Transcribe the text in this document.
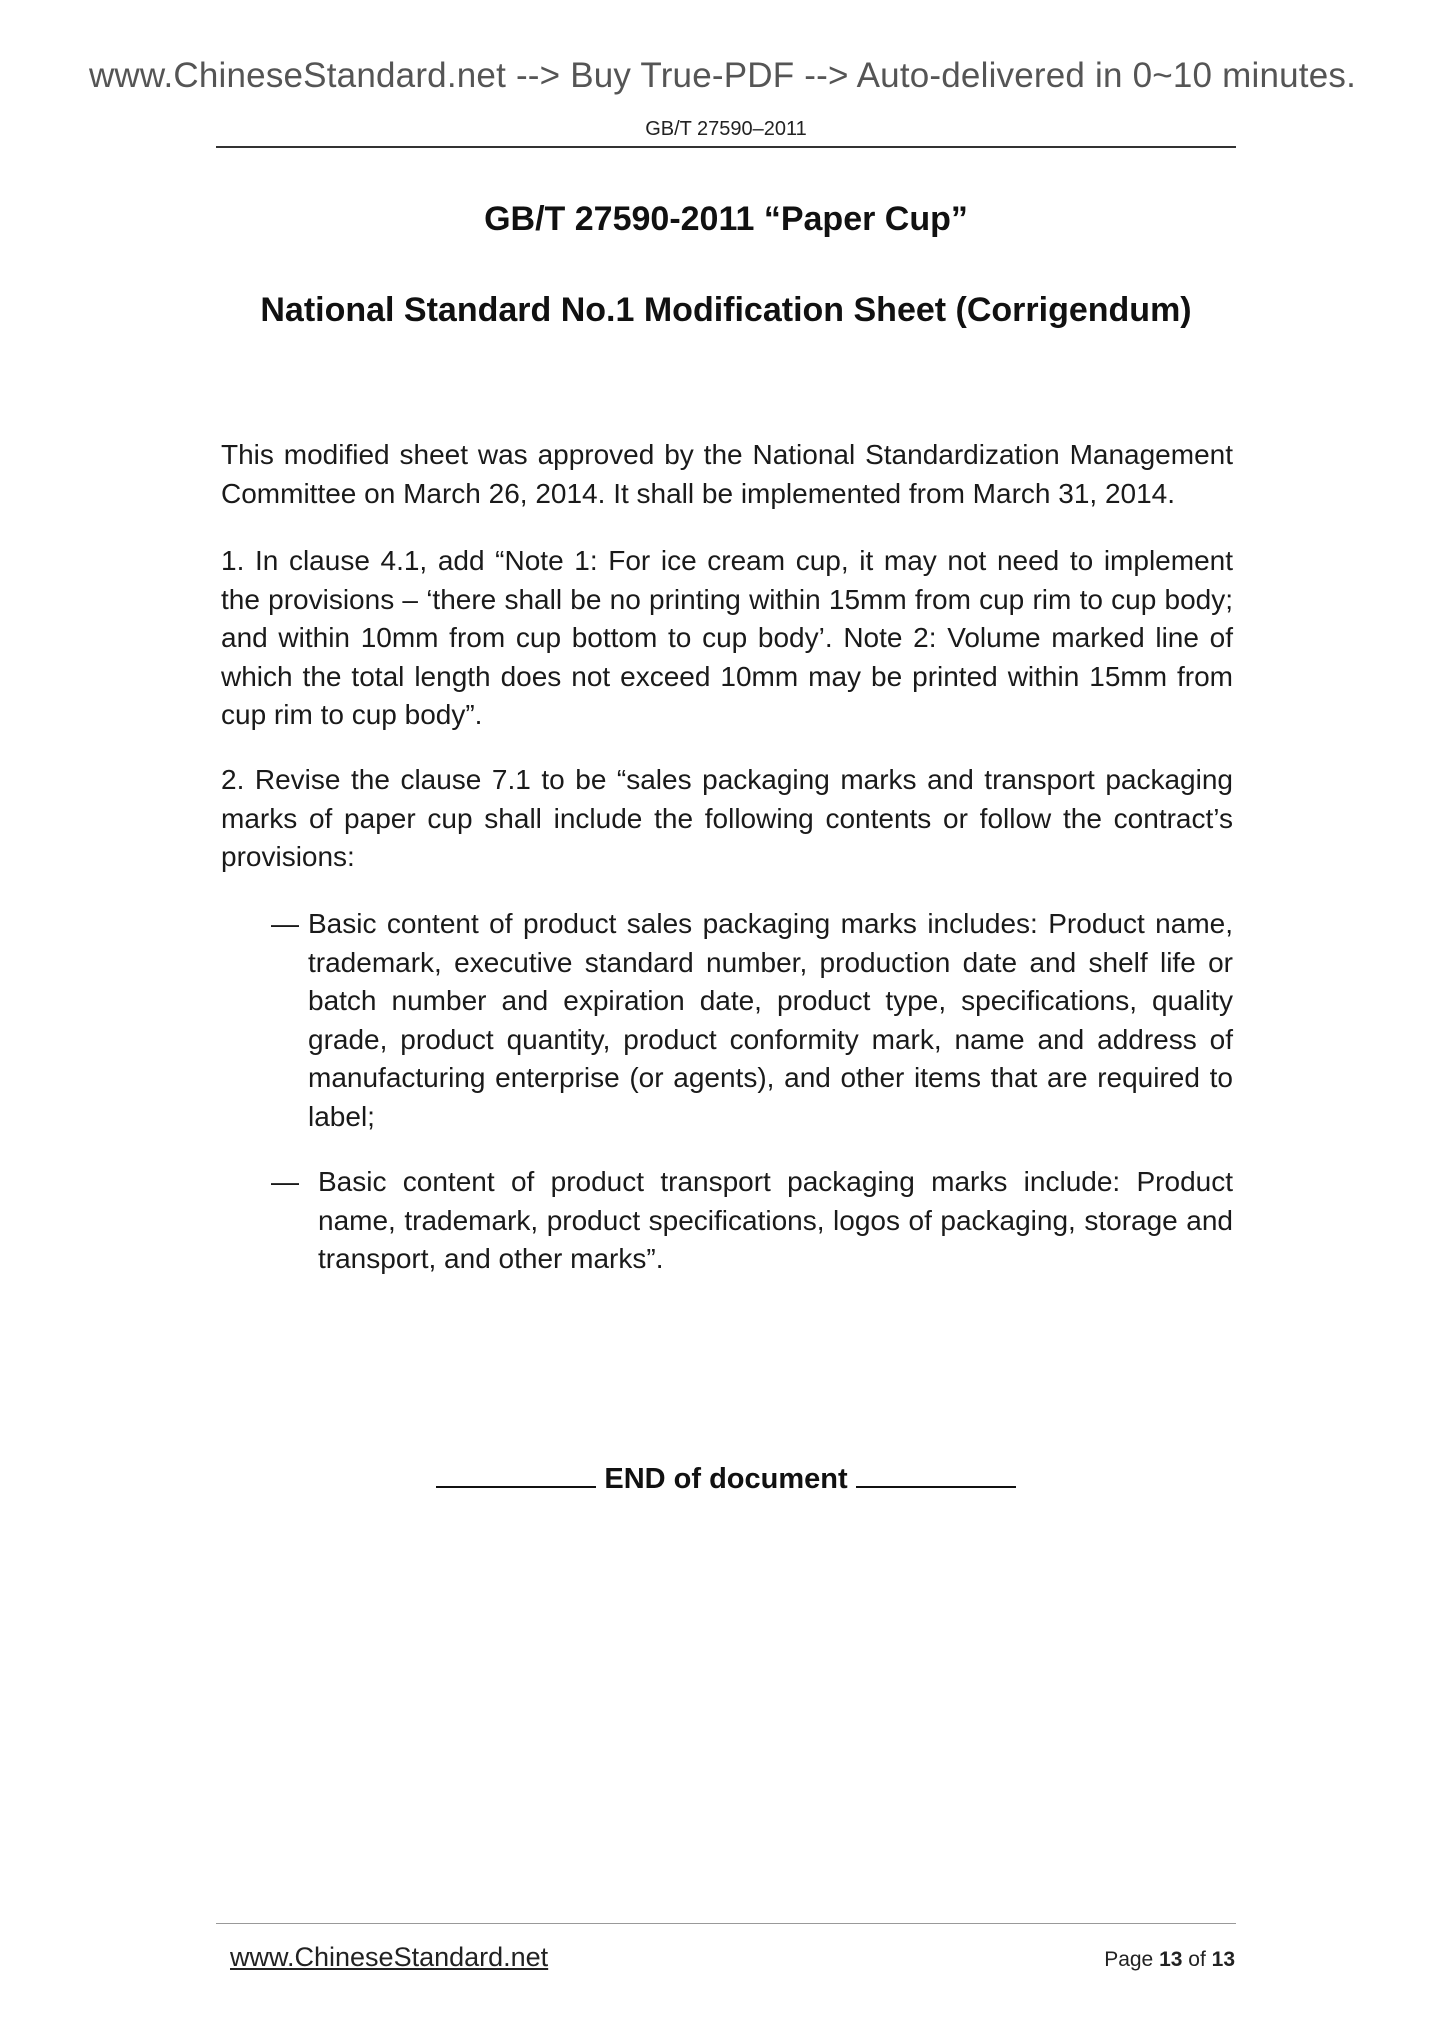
www.ChineseStandard.net --> Buy True-PDF --> Auto-delivered in 0~10 minutes.
GB/T 27590–2011
GB/T 27590-2011 “Paper Cup”
National Standard No.1 Modification Sheet (Corrigendum)
This modified sheet was approved by the National Standardization Management Committee on March 26, 2014. It shall be implemented from March 31, 2014.
1. In clause 4.1, add “Note 1: For ice cream cup, it may not need to implement the provisions – ‘there shall be no printing within 15mm from cup rim to cup body; and within 10mm from cup bottom to cup body’. Note 2: Volume marked line of which the total length does not exceed 10mm may be printed within 15mm from cup rim to cup body”.
2. Revise the clause 7.1 to be “sales packaging marks and transport packaging marks of paper cup shall include the following contents or follow the contract’s provisions:
— Basic content of product sales packaging marks includes: Product name, trademark, executive standard number, production date and shelf life or batch number and expiration date, product type, specifications, quality grade, product quantity, product conformity mark, name and address of manufacturing enterprise (or agents), and other items that are required to label;
— Basic content of product transport packaging marks include: Product name, trademark, product specifications, logos of packaging, storage and transport, and other marks”.
END of document
www.ChineseStandard.net	Page 13 of 13
